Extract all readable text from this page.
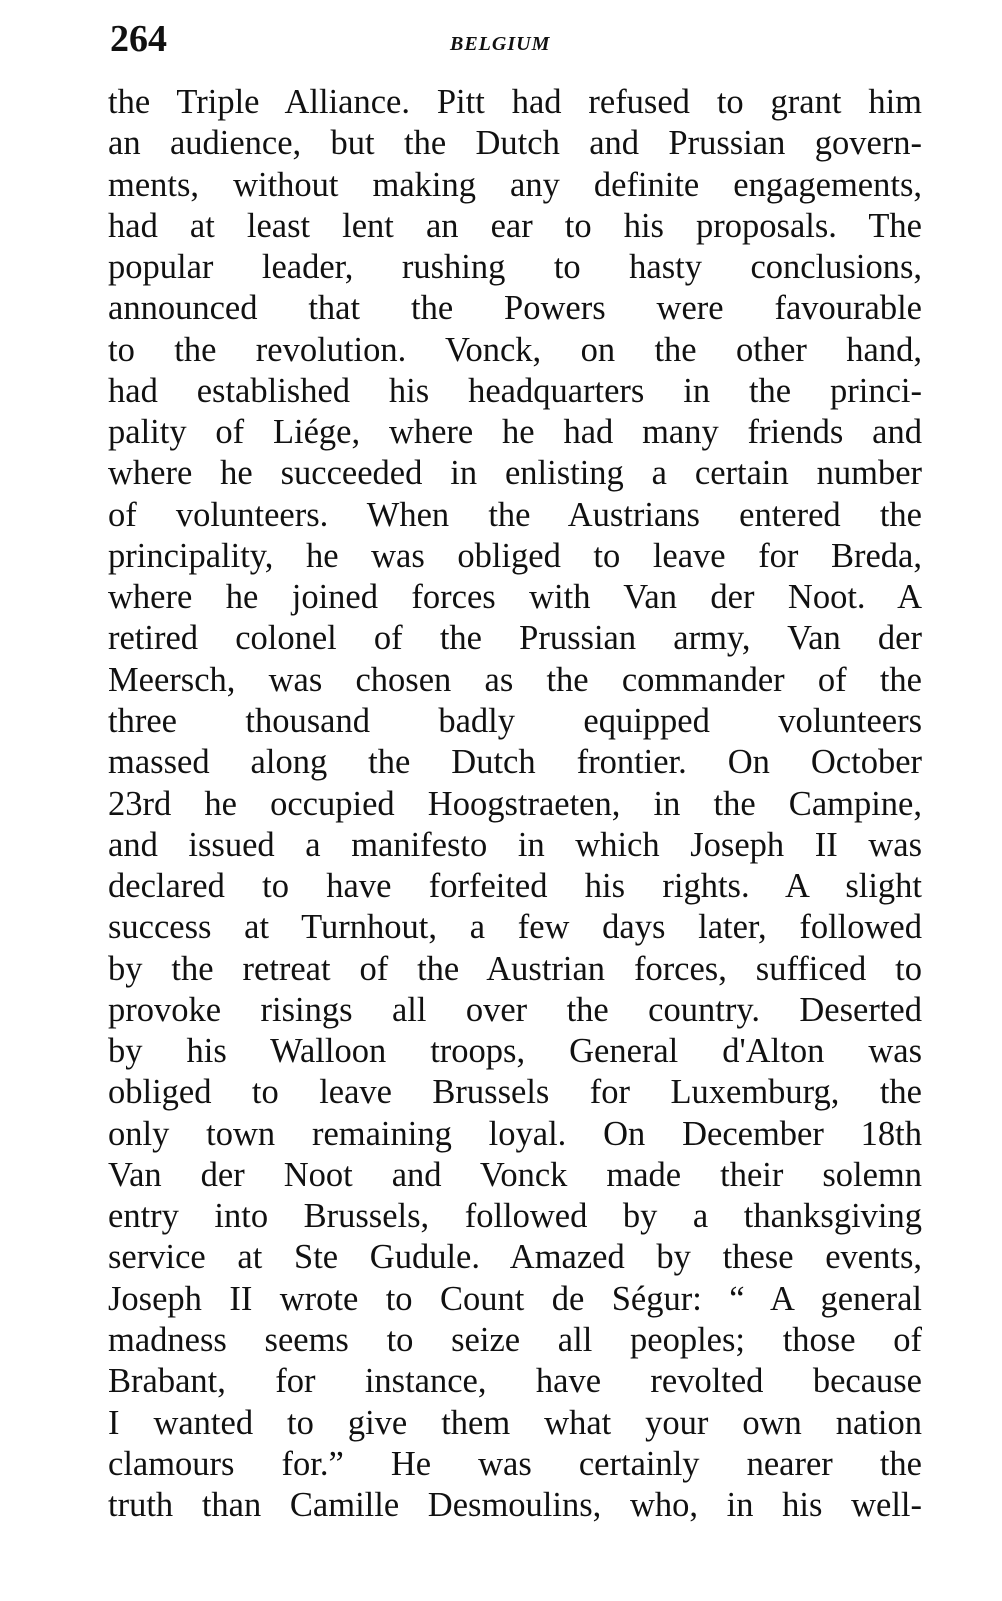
264	BELGIUM
the Triple Alliance. Pitt had refused to grant him
an audience, but the Dutch and Prussian govern-
ments, without making any definite engagements,
had at least lent an ear to his proposals. The
popular leader, rushing to hasty conclusions,
announced that the Powers were favourable
to the revolution. Vonck, on the other hand,
had established his headquarters in the princi-
pality of Liége, where he had many friends and
where he succeeded in enlisting a certain number
of volunteers. When the Austrians entered the
principality, he was obliged to leave for Breda,
where he joined forces with Van der Noot. A
retired colonel of the Prussian army, Van der
Meersch, was chosen as the commander of the
three thousand badly equipped volunteers
massed along the Dutch frontier. On October
23rd he occupied Hoogstraeten, in the Campine,
and issued a manifesto in which Joseph II was
declared to have forfeited his rights. A slight
success at Turnhout, a few days later, followed
by the retreat of the Austrian forces, sufficed to
provoke risings all over the country. Deserted
by his Walloon troops, General d'Alton was
obliged to leave Brussels for Luxemburg, the
only town remaining loyal. On December 18th
Van der Noot and Vonck made their solemn
entry into Brussels, followed by a thanksgiving
service at Ste Gudule. Amazed by these events,
Joseph II wrote to Count de Ségur: “ A general
madness seems to seize all peoples; those of
Brabant, for instance, have revolted because
I wanted to give them what your own nation
clamours for.” He was certainly nearer the
truth than Camille Desmoulins, who, in his well-
